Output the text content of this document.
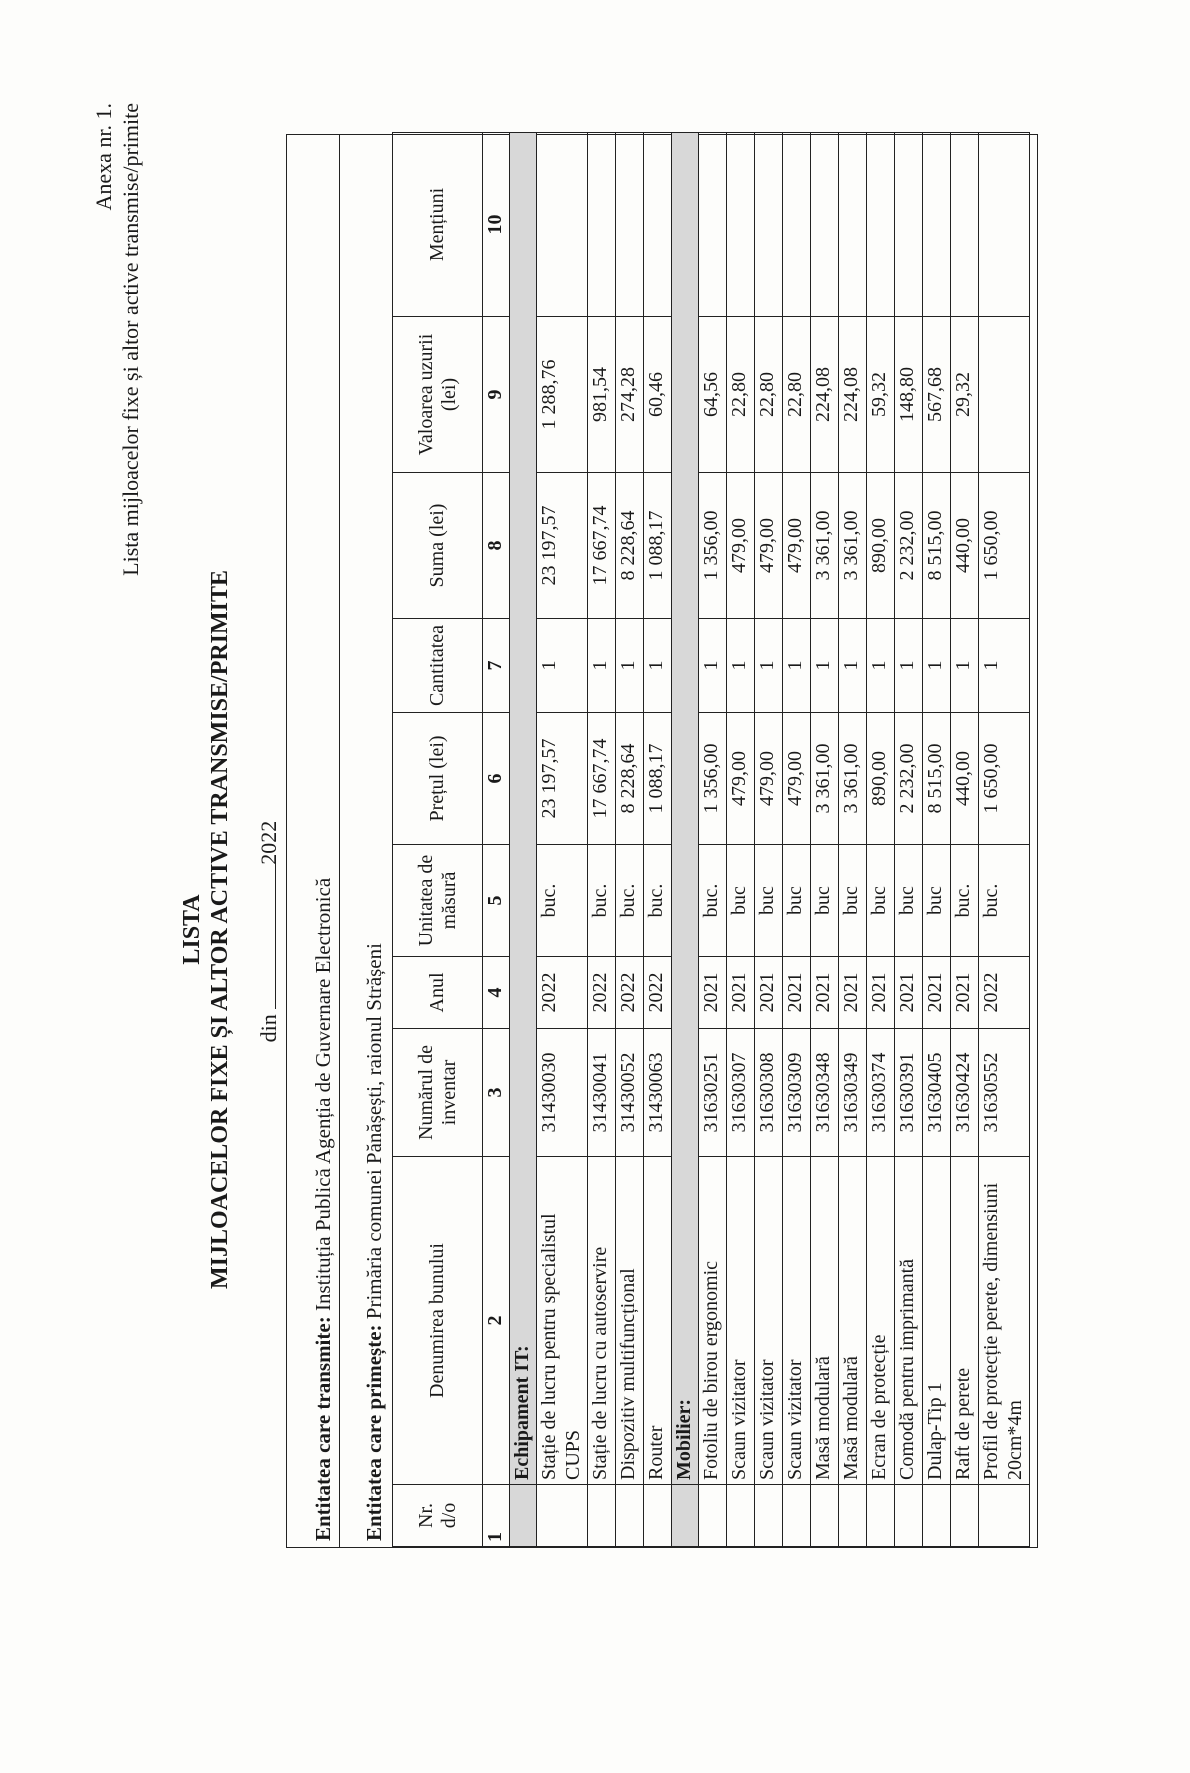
Anexa nr. 1. Lista mijloacelor fixe și altor active transmise/primite
LISTA MIJLOACELOR FIXE ȘI ALTOR ACTIVE TRANSMISE/PRIMITE din 2022
Entitatea care transmite: Instituția Publică Agenția de Guvernare Electronică
Entitatea care primește: Primăria comunei Pănășești, raionul Strășeni
Nr. d/o	Denumirea bunului	Numărul de inventar	Anul	Unitatea de măsură	Prețul (lei)	Cantitatea	Suma (lei)	Valoarea uzurii (lei)	Mențiuni
1	2	3	4	5	6	7	8	9	10
	Echipament IT:								
	Stație de lucru pentru specialistul CUPS	31430030	2022	buc.	23 197,57	1	23 197,57	1 288,76	
	Stație de lucru cu autoservire	31430041	2022	buc.	17 667,74	1	17 667,74	981,54	
	Dispozitiv multifuncțional	31430052	2022	buc.	8 228,64	1	8 228,64	274,28	
	Router	31430063	2022	buc.	1 088,17	1	1 088,17	60,46	
	Mobilier:								
	Fotoliu de birou ergonomic	31630251	2021	buc.	1 356,00	1	1 356,00	64,56	
	Scaun vizitator	31630307	2021	buc	479,00	1	479,00	22,80	
	Scaun vizitator	31630308	2021	buc	479,00	1	479,00	22,80	
	Scaun vizitator	31630309	2021	buc	479,00	1	479,00	22,80	
	Masă modulară	31630348	2021	buc	3 361,00	1	3 361,00	224,08	
	Masă modulară	31630349	2021	buc	3 361,00	1	3 361,00	224,08	
	Ecran de protecție	31630374	2021	buc	890,00	1	890,00	59,32	
	Comodă pentru imprimantă	31630391	2021	buc	2 232,00	1	2 232,00	148,80	
	Dulap-Tip 1	31630405	2021	buc	8 515,00	1	8 515,00	567,68	
	Raft de perete	31630424	2021	buc.	440,00	1	440,00	29,32	
	Profil de protecție perete, dimensiuni 20cm*4m	31630552	2022	buc.	1 650,00	1	1 650,00		
